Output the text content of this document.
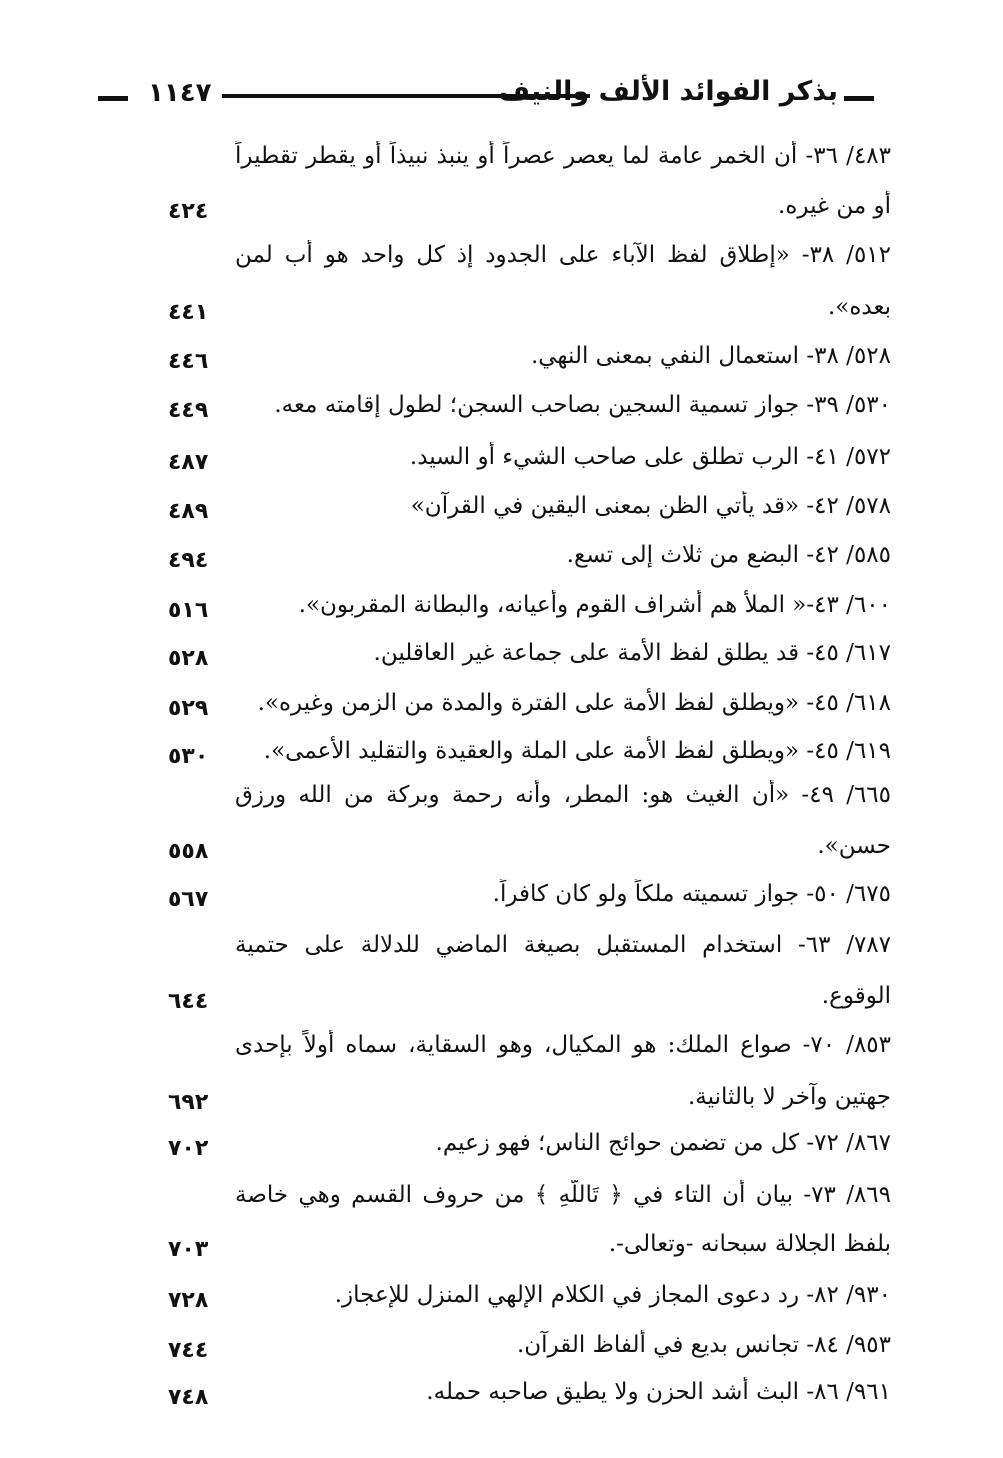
١١٤٧	بذكر الفوائد الألف والنيف
٤٨٣/ ٣٦- أن الخمر عامة لما يعصر عصراً أو ينبذ نبيذاً أو يقطر تقطيراً
أو من غيره.
٤٢٤
٥١٢/ ٣٨- «إطلاق لفظ الآباء على الجدود إذ كل واحد هو أب لمن
بعده».
٤٤١
٥٢٨/ ٣٨- استعمال النفي بمعنى النهي.
٤٤٦
٥٣٠/ ٣٩- جواز تسمية السجين بصاحب السجن؛ لطول إقامته معه.
٤٤٩
٥٧٢/ ٤١- الرب تطلق على صاحب الشيء أو السيد.
٤٨٧
٥٧٨/ ٤٢- «قد يأتي الظن بمعنى اليقين في القرآن»
٤٨٩
٥٨٥/ ٤٢- البضع من ثلاث إلى تسع.
٤٩٤
٦٠٠/ ٤٣-« الملأ هم أشراف القوم وأعيانه، والبطانة المقربون».
٥١٦
٦١٧/ ٤٥- قد يطلق لفظ الأمة على جماعة غير العاقلين.
٥٢٨
٦١٨/ ٤٥- «ويطلق لفظ الأمة على الفترة والمدة من الزمن وغيره».
٥٢٩
٦١٩/ ٤٥- «ويطلق لفظ الأمة على الملة والعقيدة والتقليد الأعمى».
٥٣٠
٦٦٥/ ٤٩- «أن الغيث هو: المطر، وأنه رحمة وبركة من الله ورزق
حسن».
٥٥٨
٦٧٥/ ٥٠- جواز تسميته ملكاً ولو كان كافراً.
٥٦٧
٧٨٧/ ٦٣- استخدام المستقبل بصيغة الماضي للدلالة على حتمية
الوقوع.
٦٤٤
٨٥٣/ ٧٠- صواع الملك: هو المكيال، وهو السقاية، سماه أولاً بإحدى
جهتين وآخر لا بالثانية.
٦٩٢
٨٦٧/ ٧٢- كل من تضمن حوائج الناس؛ فهو زعيم.
٧٠٢
٨٦٩/ ٧٣- بيان أن التاء في ﴿ تَاللَّهِ ﴾ من حروف القسم وهي خاصة
بلفظ الجلالة سبحانه -وتعالى-.
٧٠٣
٩٣٠/ ٨٢- رد دعوى المجاز في الكلام الإلهي المنزل للإعجاز.
٧٢٨
٩٥٣/ ٨٤- تجانس بديع في ألفاظ القرآن.
٧٤٤
٩٦١/ ٨٦- البث أشد الحزن ولا يطيق صاحبه حمله.
٧٤٨
